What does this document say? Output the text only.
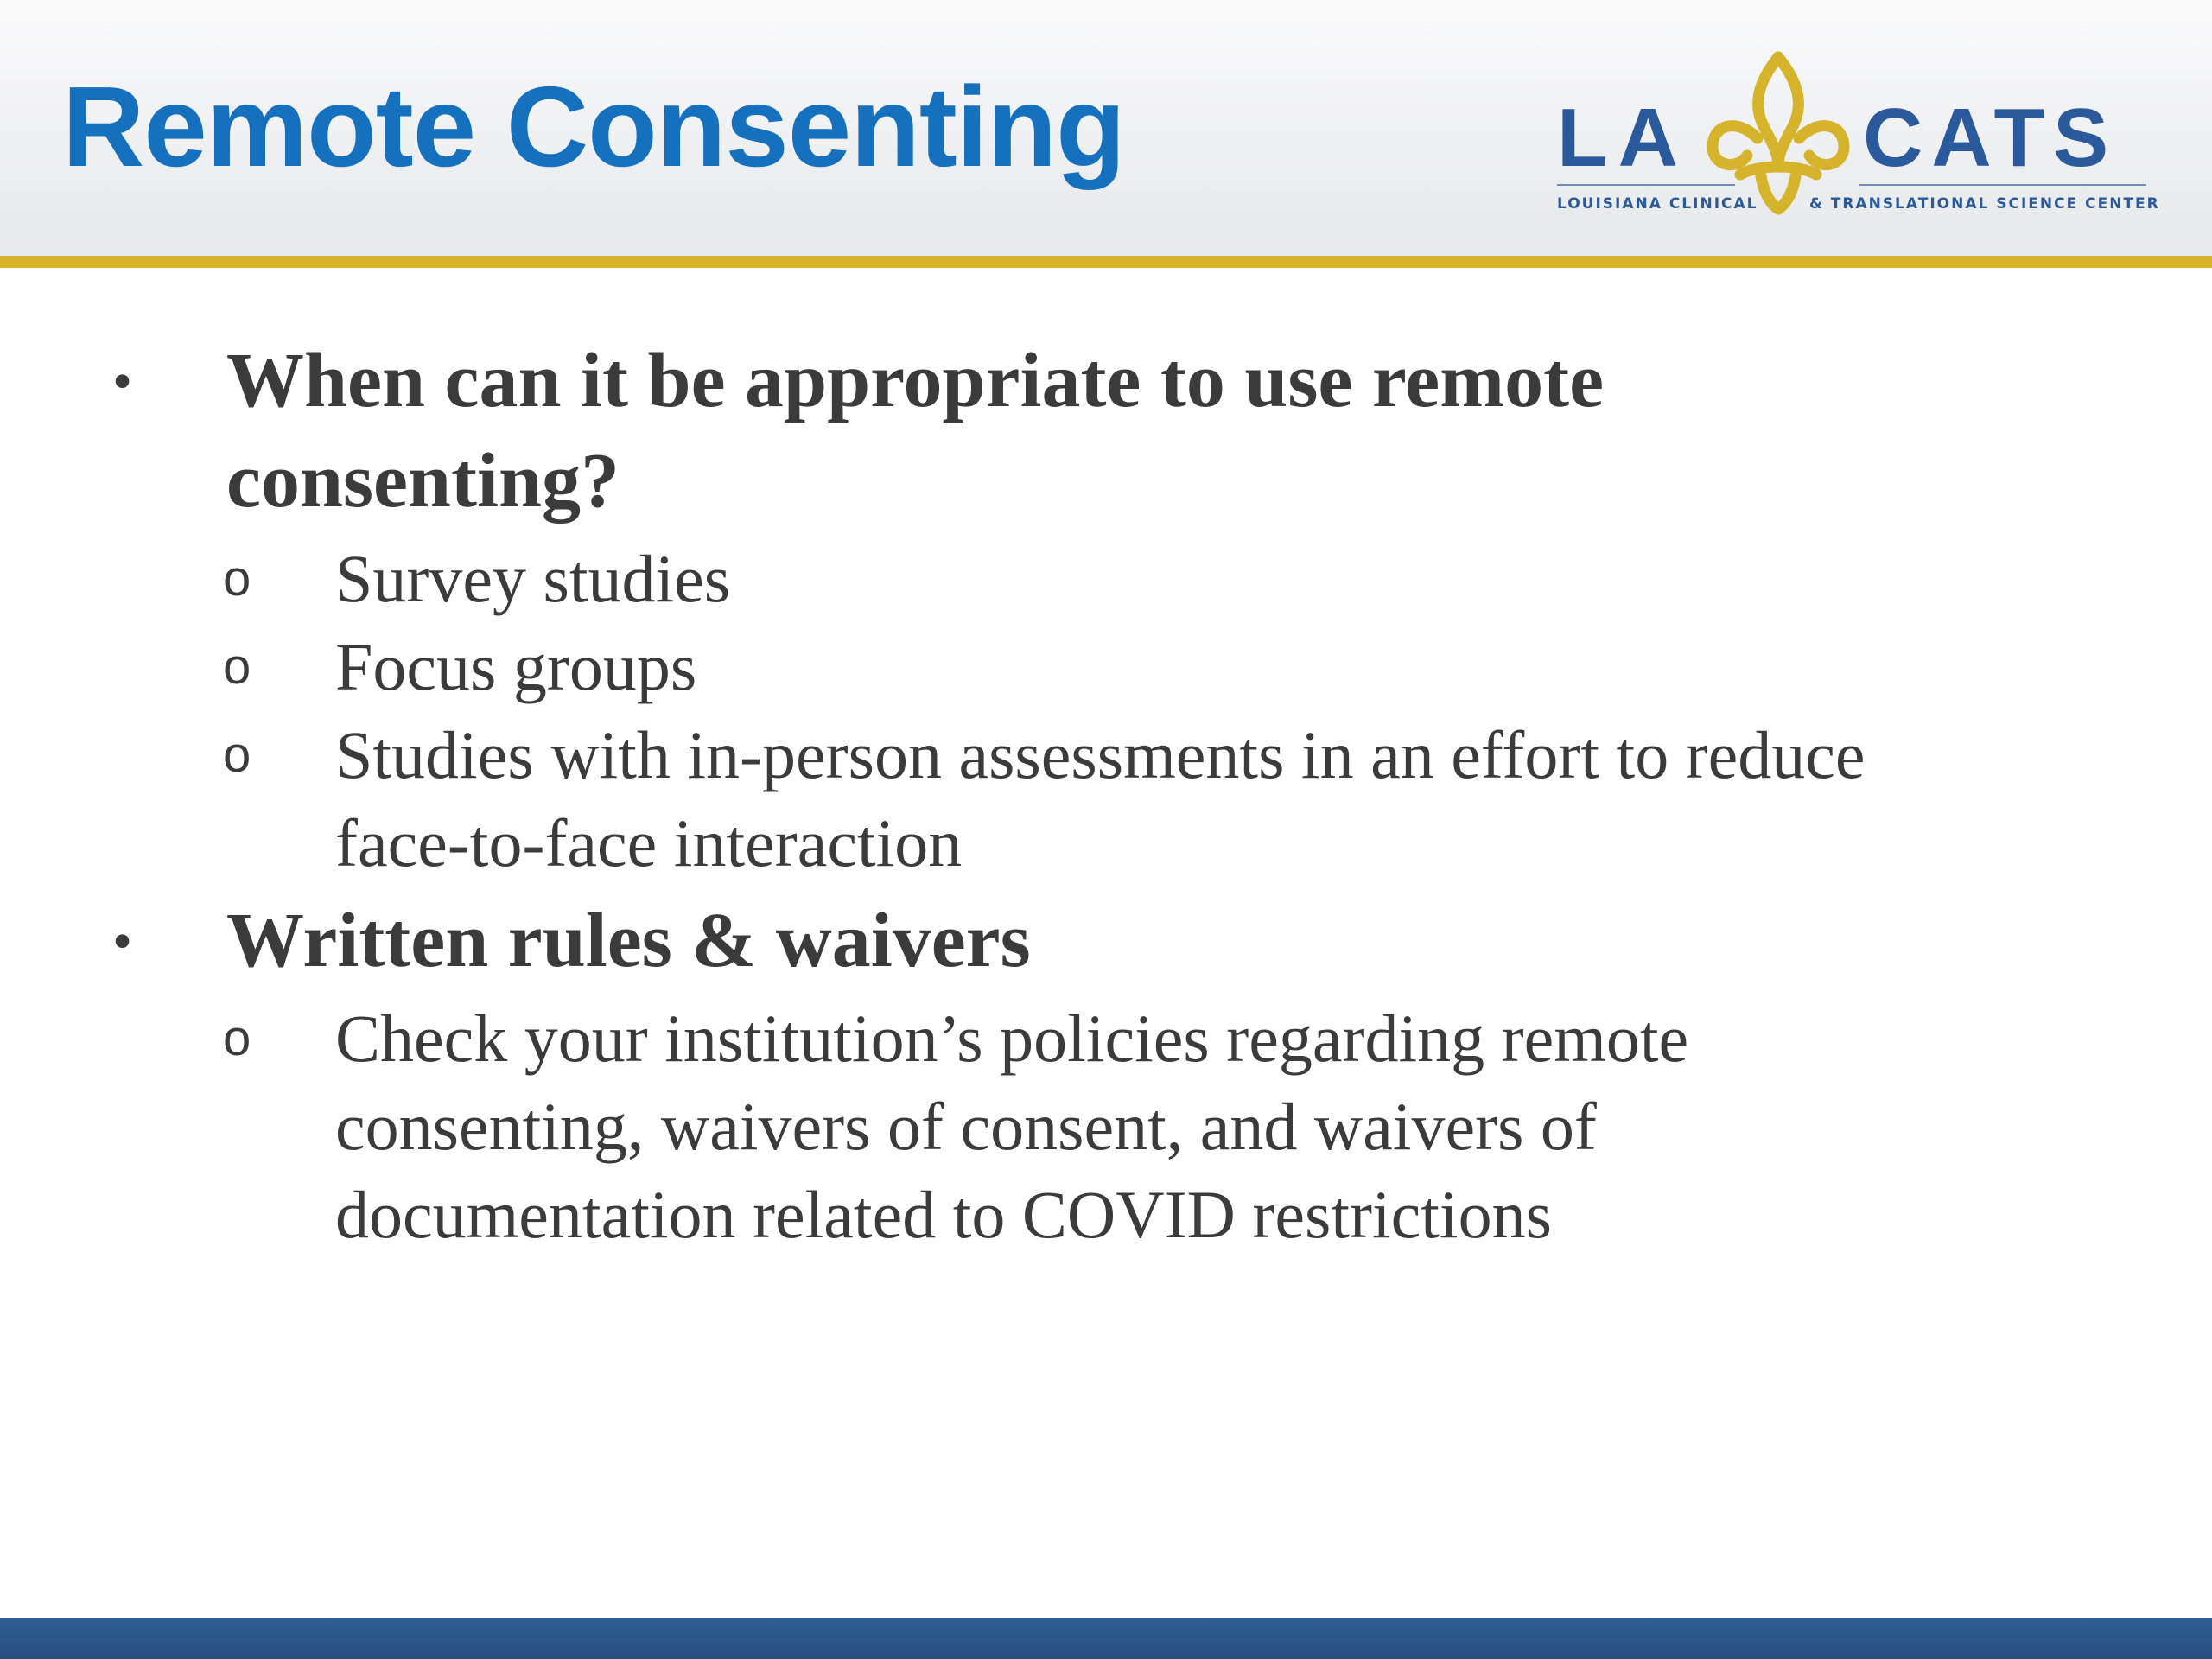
Remote Consenting	LA CATS
LOUISIANA CLINICAL	& TRANSLATIONAL SCIENCE CENTER
• When can it be appropriate to use remote
consenting?
o Survey studies
o Focus groups
o Studies with in-person assessments in an effort to reduce
face-to-face interaction
• Written rules & waivers
o Check your institution’s policies regarding remote
consenting, waivers of consent, and waivers of
documentation related to COVID restrictions
